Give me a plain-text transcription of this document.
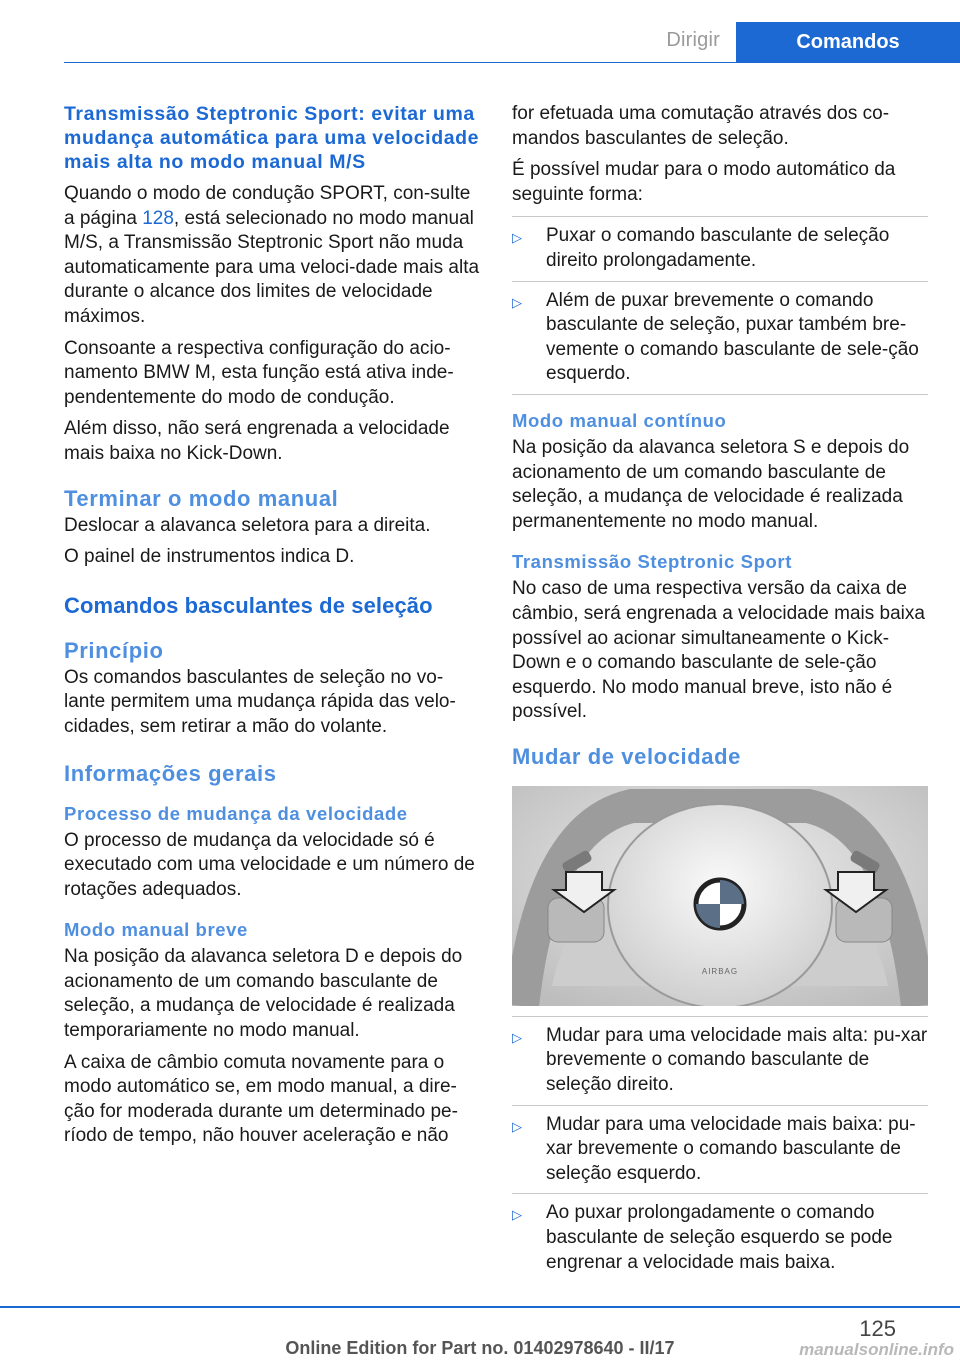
Dirigir	Comandos
Transmissão Steptronic Sport: evitar uma mudança automática para uma velocidade mais alta no modo manual M/S

Quando o modo de condução SPORT, con-sulte a página 128, está selecionado no modo manual M/S, a Transmissão Steptronic Sport não muda automaticamente para uma veloci-dade mais alta durante o alcance dos limites de velocidade máximos.

Consoante a respectiva configuração do acio-namento BMW M, esta função está ativa inde-pendentemente do modo de condução.

Além disso, não será engrenada a velocidade mais baixa no Kick-Down.

Terminar o modo manual

Deslocar a alavanca seletora para a direita.

O painel de instrumentos indica D.

Comandos basculantes de seleção
Princípio

Os comandos basculantes de seleção no vo-lante permitem uma mudança rápida das velo-cidades, sem retirar a mão do volante.

Informações gerais
Processo de mudança da velocidade

O processo de mudança da velocidade só é executado com uma velocidade e um número de rotações adequados.

Modo manual breve

Na posição da alavanca seletora D e depois do acionamento de um comando basculante de seleção, a mudança de velocidade é realizada temporariamente no modo manual.

A caixa de câmbio comuta novamente para o modo automático se, em modo manual, a dire-ção for moderada durante um determinado pe-ríodo de tempo, não houver aceleração e não

for efetuada uma comutação através dos co-mandos basculantes de seleção.

É possível mudar para o modo automático da seguinte forma:

▷ Puxar o comando basculante de seleção direito prolongadamente.
▷ Além de puxar brevemente o comando basculante de seleção, puxar também bre-vemente o comando basculante de sele-ção esquerdo.
Modo manual contínuo

Na posição da alavanca seletora S e depois do acionamento de um comando basculante de seleção, a mudança de velocidade é realizada permanentemente no modo manual.

Transmissão Steptronic Sport

No caso de uma respectiva versão da caixa de câmbio, será engrenada a velocidade mais baixa possível ao acionar simultaneamente o Kick-Down e o comando basculante de sele-ção esquerdo. No modo manual breve, isto não é possível.

Mudar de velocidade
AIRBAG
▷ Mudar para uma velocidade mais alta: pu-xar brevemente o comando basculante de seleção direito.
▷ Mudar para uma velocidade mais baixa: pu-xar brevemente o comando basculante de seleção esquerdo.
▷ Ao puxar prolongadamente o comando basculante de seleção esquerdo se pode engrenar a velocidade mais baixa.
125
Online Edition for Part no. 01402978640 - II/17	manualsonline.info
